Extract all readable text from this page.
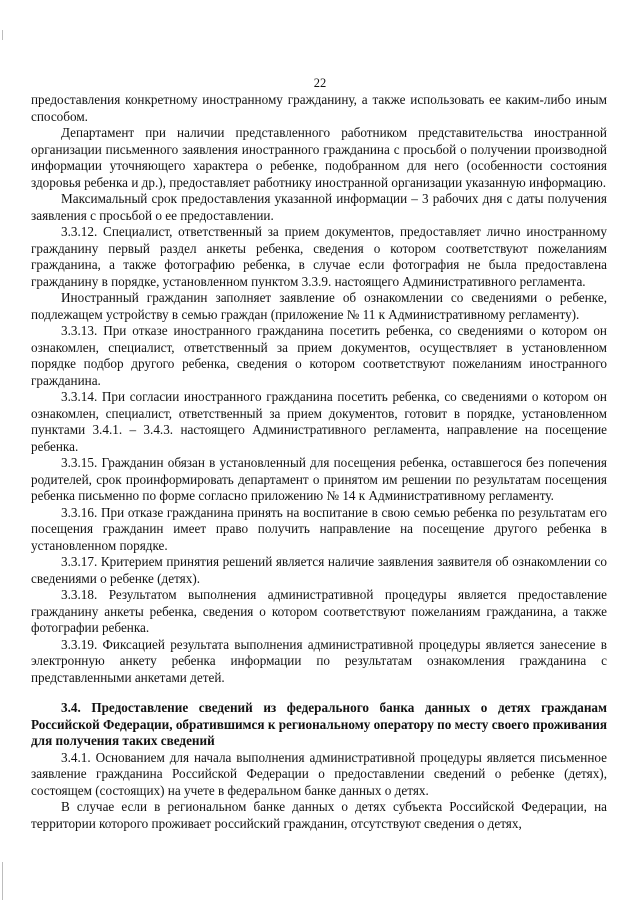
22

предоставления конкретному иностранному гражданину, а также использовать ее каким-либо иным способом.

Департамент при наличии представленного работником представительства иностранной организации письменного заявления иностранного гражданина с просьбой о получении производной информации уточняющего характера о ребенке, подобранном для него (особенности состояния здоровья ребенка и др.), предоставляет работнику иностранной организации указанную информацию.

Максимальный срок предоставления указанной информации – 3 рабочих дня с даты получения заявления с просьбой о ее предоставлении.

3.3.12. Специалист, ответственный за прием документов, предоставляет лично иностранному гражданину первый раздел анкеты ребенка, сведения о котором соответствуют пожеланиям гражданина, а также фотографию ребенка, в случае если фотография не была предоставлена гражданину в порядке, установленном пунктом 3.3.9. настоящего Административного регламента.

Иностранный гражданин заполняет заявление об ознакомлении со сведениями о ребенке, подлежащем устройству в семью граждан (приложение № 11 к Административному регламенту).

3.3.13. При отказе иностранного гражданина посетить ребенка, со сведениями о котором он ознакомлен, специалист, ответственный за прием документов, осуществляет в установленном порядке подбор другого ребенка, сведения о котором соответствуют пожеланиям иностранного гражданина.

3.3.14. При согласии иностранного гражданина посетить ребенка, со сведениями о котором он ознакомлен, специалист, ответственный за прием документов, готовит в порядке, установленном пунктами 3.4.1. – 3.4.3. настоящего Административного регламента, направление на посещение ребенка.

3.3.15. Гражданин обязан в установленный для посещения ребенка, оставшегося без попечения родителей, срок проинформировать департамент о принятом им решении по результатам посещения ребенка письменно по форме согласно приложению № 14 к Административному регламенту.

3.3.16. При отказе гражданина принять на воспитание в свою семью ребенка по результатам его посещения гражданин имеет право получить направление на посещение другого ребенка в установленном порядке.

3.3.17. Критерием принятия решений является наличие заявления заявителя об ознакомлении со сведениями о ребенке (детях).

3.3.18. Результатом выполнения административной процедуры является предоставление гражданину анкеты ребенка, сведения о котором соответствуют пожеланиям гражданина, а также фотографии ребенка.

3.3.19. Фиксацией результата выполнения административной процедуры является занесение в электронную анкету ребенка информации по результатам ознакомления гражданина с представленными анкетами детей.

3.4. Предоставление сведений из федерального банка данных о детях гражданам Российской Федерации, обратившимся к региональному оператору по месту своего проживания для получения таких сведений

3.4.1. Основанием для начала выполнения административной процедуры является письменное заявление гражданина Российской Федерации о предоставлении сведений о ребенке (детях), состоящем (состоящих) на учете в федеральном банке данных о детях.

В случае если в региональном банке данных о детях субъекта Российской Федерации, на территории которого проживает российский гражданин, отсутствуют сведения о детях,
